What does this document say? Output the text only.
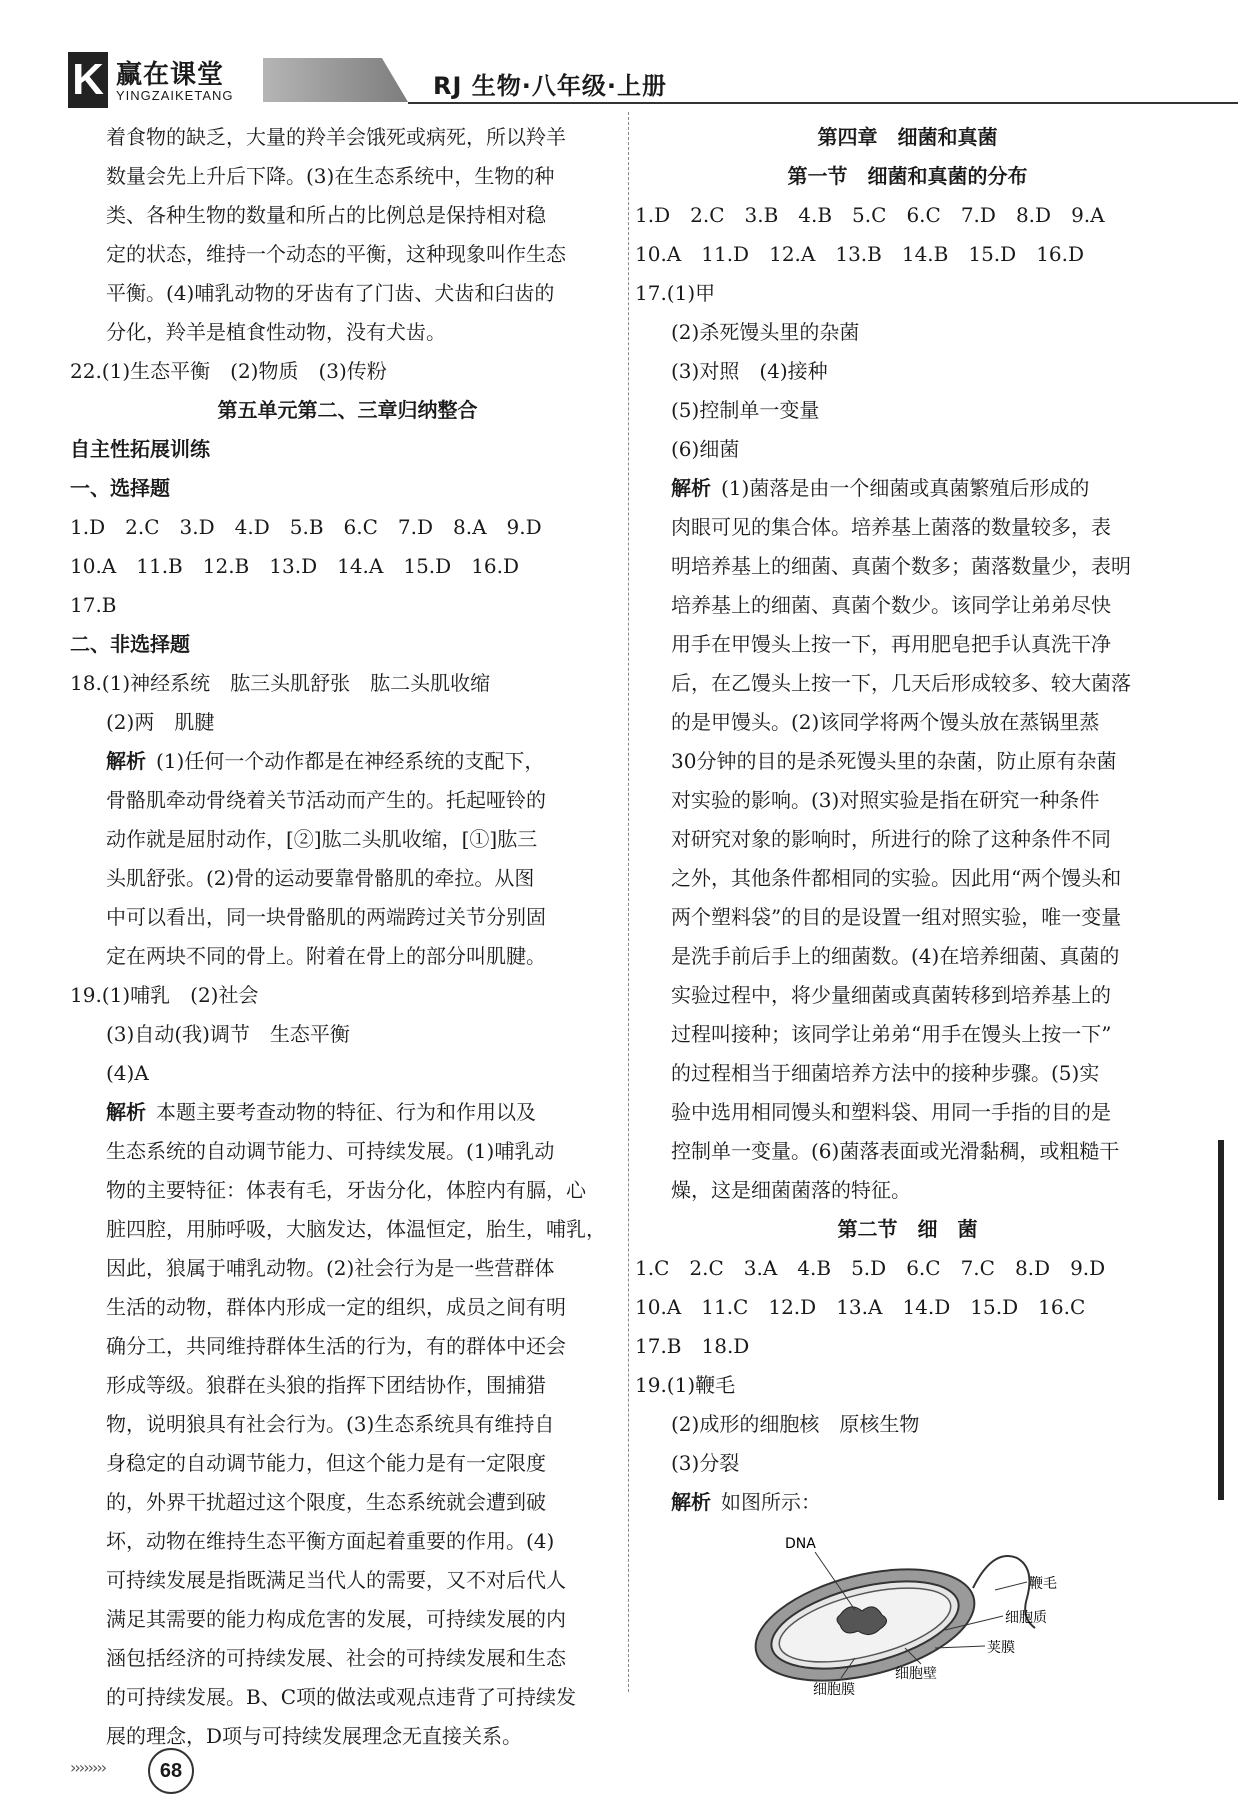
K 赢在课堂
YINGZAIKETANG	RJ 生物·八年级·上册

着食物的缺乏，大量的羚羊会饿死或病死，所以羚羊

数量会先上升后下降。(3)在生态系统中，生物的种

类、各种生物的数量和所占的比例总是保持相对稳

定的状态，维持一个动态的平衡，这种现象叫作生态

平衡。(4)哺乳动物的牙齿有了门齿、犬齿和臼齿的

分化，羚羊是植食性动物，没有犬齿。

22.(1)生态平衡　(2)物质　(3)传粉

第五单元第二、三章归纳整合

自主性拓展训练

一、选择题

1.D　2.C　3.D　4.D　5.B　6.C　7.D　8.A　9.D

10.A　11.B　12.B　13.D　14.A　15.D　16.D

17.B

二、非选择题

18.(1)神经系统　肱三头肌舒张　肱二头肌收缩

(2)两　肌腱

解析 (1)任何一个动作都是在神经系统的支配下，

骨骼肌牵动骨绕着关节活动而产生的。托起哑铃的

动作就是屈肘动作，[②]肱二头肌收缩，[①]肱三

头肌舒张。(2)骨的运动要靠骨骼肌的牵拉。从图

中可以看出，同一块骨骼肌的两端跨过关节分别固

定在两块不同的骨上。附着在骨上的部分叫肌腱。

19.(1)哺乳　(2)社会

(3)自动(我)调节　生态平衡

(4)A

解析 本题主要考查动物的特征、行为和作用以及

生态系统的自动调节能力、可持续发展。(1)哺乳动

物的主要特征：体表有毛，牙齿分化，体腔内有膈，心

脏四腔，用肺呼吸，大脑发达，体温恒定，胎生，哺乳，

因此，狼属于哺乳动物。(2)社会行为是一些营群体

生活的动物，群体内形成一定的组织，成员之间有明

确分工，共同维持群体生活的行为，有的群体中还会

形成等级。狼群在头狼的指挥下团结协作，围捕猎

物，说明狼具有社会行为。(3)生态系统具有维持自

身稳定的自动调节能力，但这个能力是有一定限度

的，外界干扰超过这个限度，生态系统就会遭到破

坏，动物在维持生态平衡方面起着重要的作用。(4)

可持续发展是指既满足当代人的需要，又不对后代人

满足其需要的能力构成危害的发展，可持续发展的内

涵包括经济的可持续发展、社会的可持续发展和生态

的可持续发展。B、C项的做法或观点违背了可持续发

展的理念，D项与可持续发展理念无直接关系。

第四章　细菌和真菌

第一节　细菌和真菌的分布

1.D　2.C　3.B　4.B　5.C　6.C　7.D　8.D　9.A

10.A　11.D　12.A　13.B　14.B　15.D　16.D

17.(1)甲

(2)杀死馒头里的杂菌

(3)对照　(4)接种

(5)控制单一变量

(6)细菌

解析 (1)菌落是由一个细菌或真菌繁殖后形成的

肉眼可见的集合体。培养基上菌落的数量较多，表

明培养基上的细菌、真菌个数多；菌落数量少，表明

培养基上的细菌、真菌个数少。该同学让弟弟尽快

用手在甲馒头上按一下，再用肥皂把手认真洗干净

后，在乙馒头上按一下，几天后形成较多、较大菌落

的是甲馒头。(2)该同学将两个馒头放在蒸锅里蒸

30分钟的目的是杀死馒头里的杂菌，防止原有杂菌

对实验的影响。(3)对照实验是指在研究一种条件

对研究对象的影响时，所进行的除了这种条件不同

之外，其他条件都相同的实验。因此用“两个馒头和

两个塑料袋”的目的是设置一组对照实验，唯一变量

是洗手前后手上的细菌数。(4)在培养细菌、真菌的

实验过程中，将少量细菌或真菌转移到培养基上的

过程叫接种；该同学让弟弟“用手在馒头上按一下”

的过程相当于细菌培养方法中的接种步骤。(5)实

验中选用相同馒头和塑料袋、用同一手指的目的是

控制单一变量。(6)菌落表面或光滑黏稠，或粗糙干

燥，这是细菌菌落的特征。

第二节　细　菌

1.C　2.C　3.A　4.B　5.D　6.C　7.C　8.D　9.D

10.A　11.C　12.D　13.A　14.D　15.D　16.C

17.B　18.D

19.(1)鞭毛

(2)成形的细胞核　原核生物

(3)分裂

解析 如图所示：

DNA
鞭毛
细胞质
荚膜
细胞壁
细胞膜
››››››››	68
